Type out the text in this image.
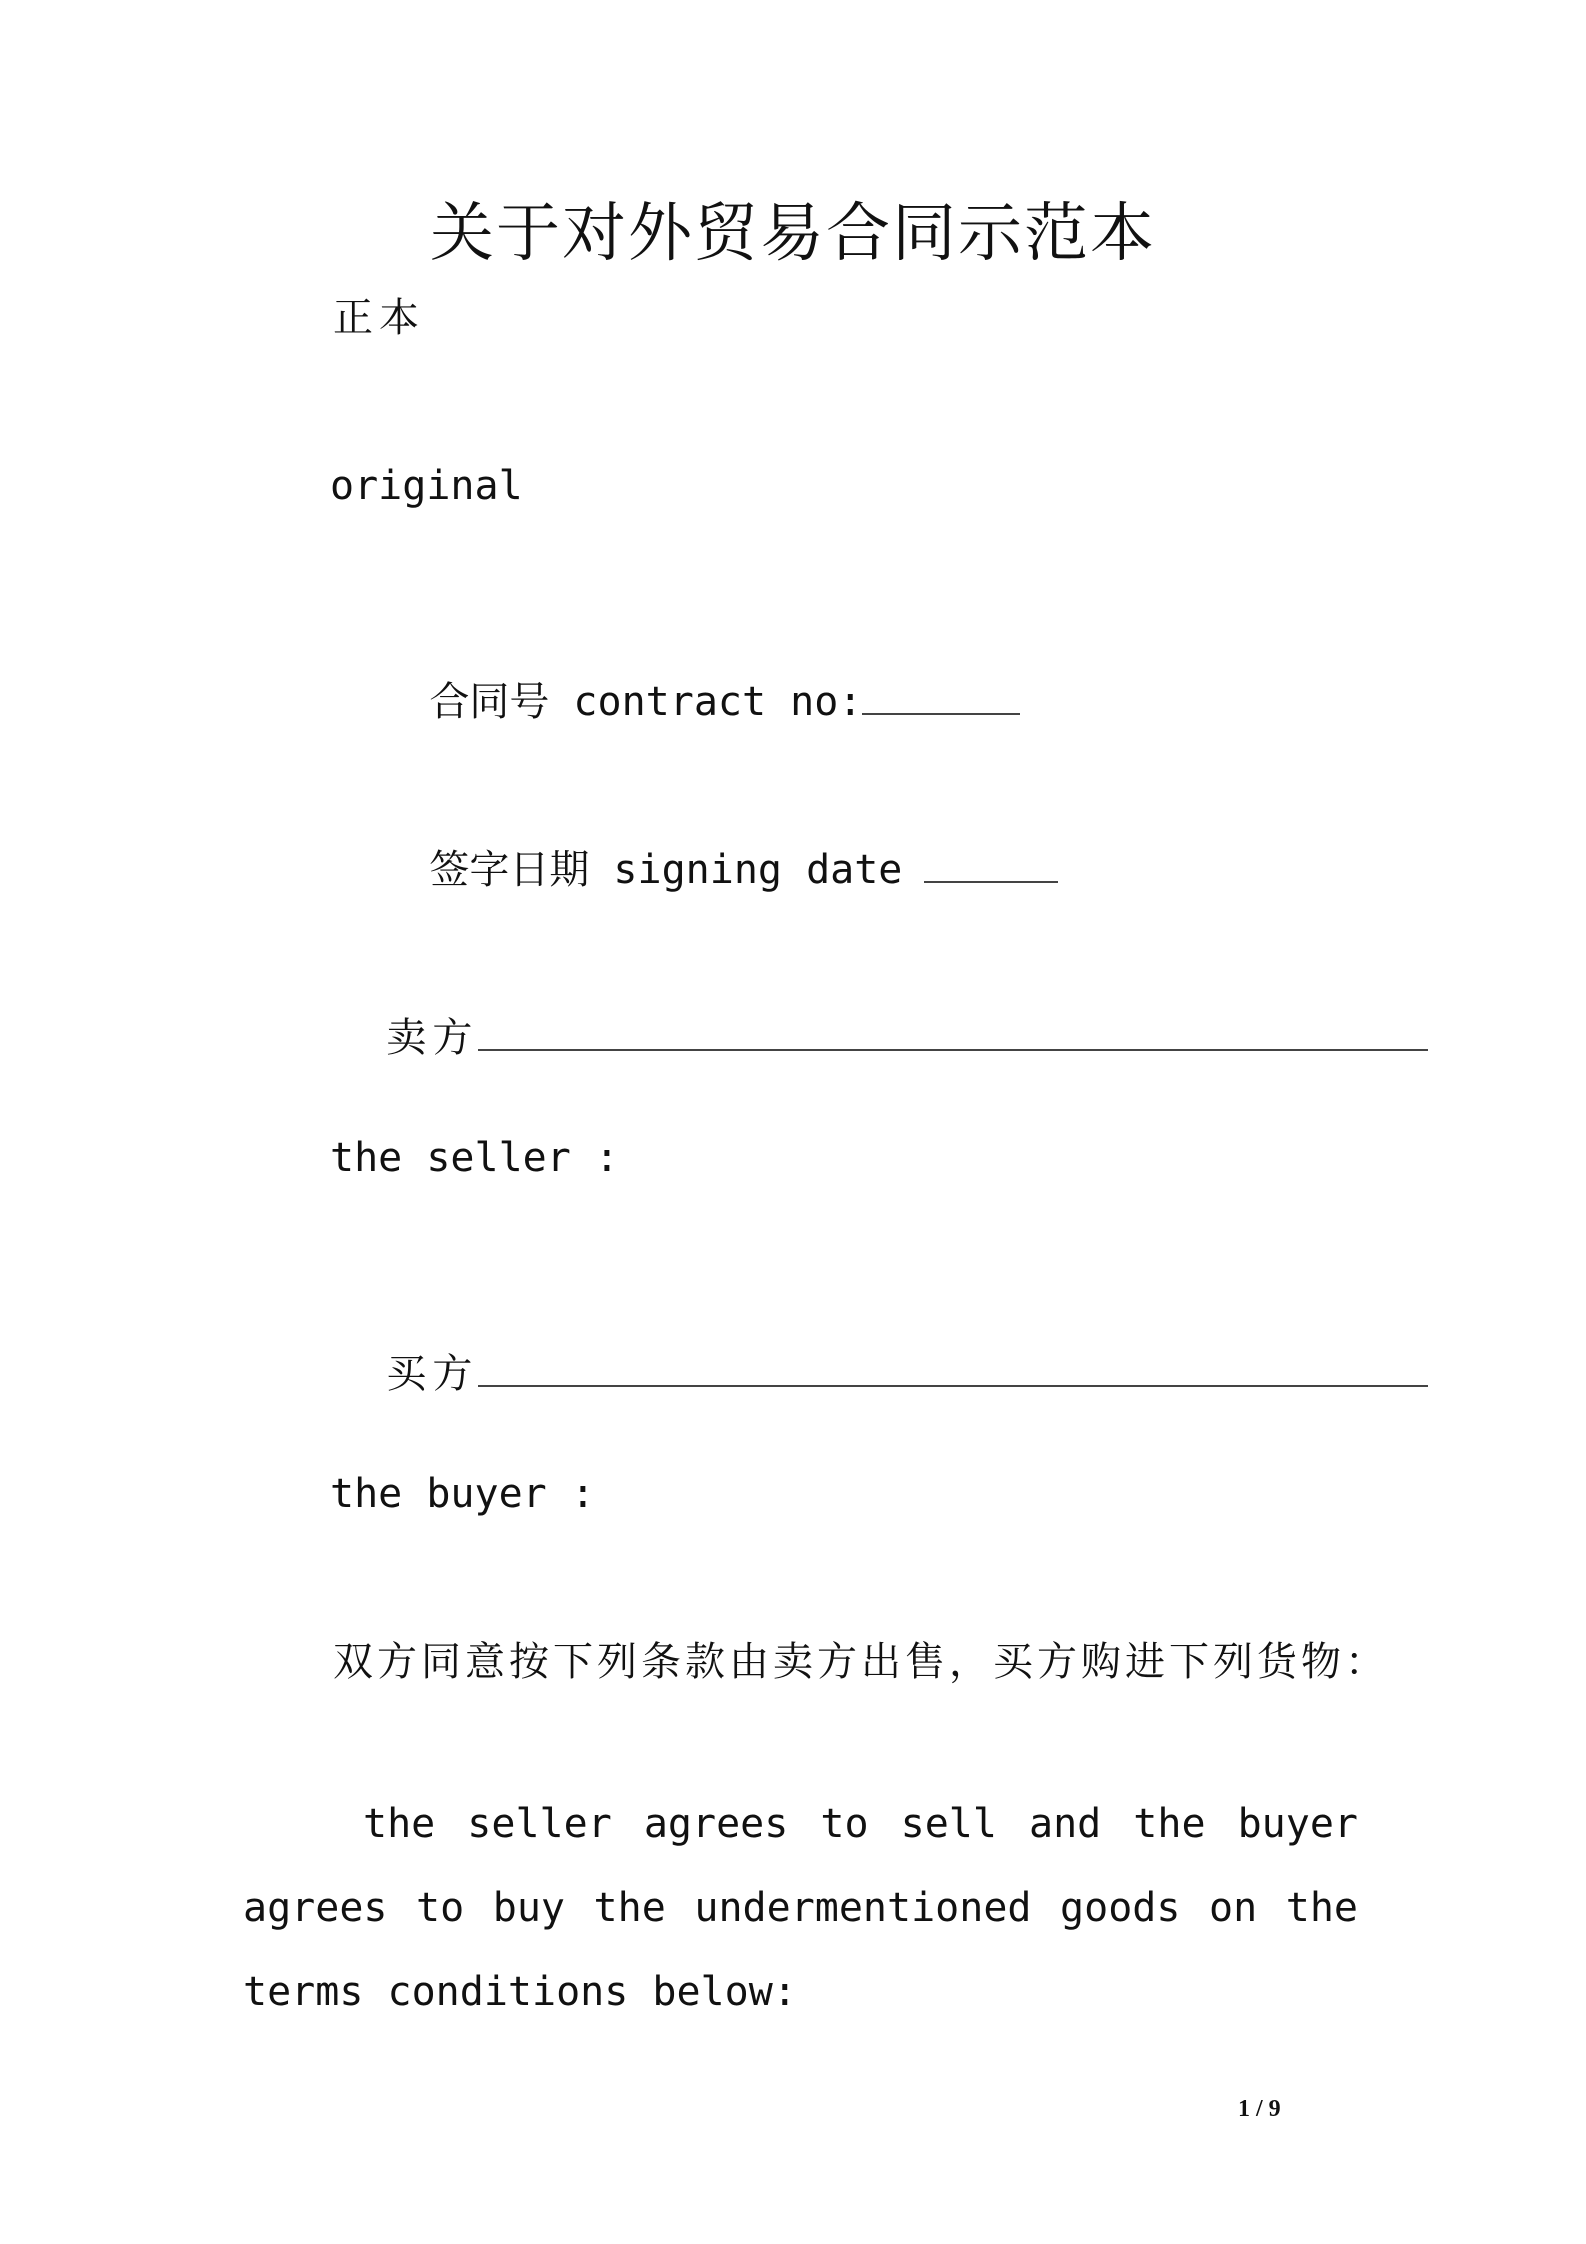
关于对外贸易合同示范本
正本
original

合同号 contract no:

签字日期 signing date

卖方

the seller :

买方

the buyer :
双方同意按下列条款由卖方出售，买方购进下列货物：
the seller agrees to sell and the buyer agrees to buy the undermentioned goods on the terms conditions below:
1 / 9
